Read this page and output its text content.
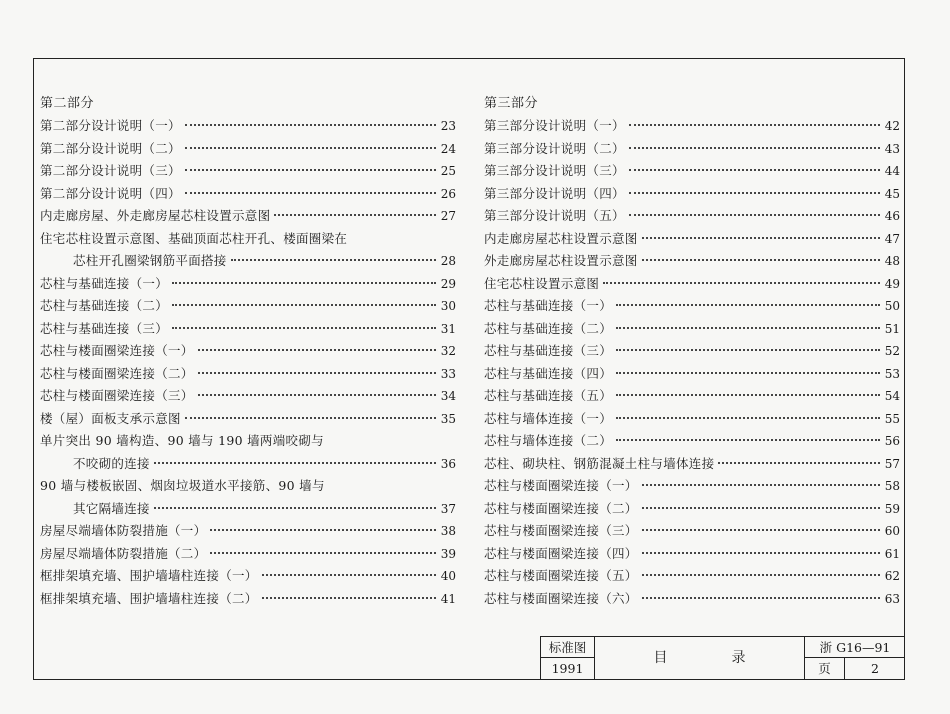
第二部分
第二部分设计说明（一）	23
第二部分设计说明（二）	24
第二部分设计说明（三）	25
第二部分设计说明（四）	26
内走廊房屋、外走廊房屋芯柱设置示意图	27
住宅芯柱设置示意图、基础顶面芯柱开孔、楼面圈梁在
芯柱开孔圈梁钢筋平面搭接	28
芯柱与基础连接（一）	29
芯柱与基础连接（二）	30
芯柱与基础连接（三）	31
芯柱与楼面圈梁连接（一）	32
芯柱与楼面圈梁连接（二）	33
芯柱与楼面圈梁连接（三）	34
楼（屋）面板支承示意图	35
单片突出 90 墙构造、90 墙与 190 墙两端咬砌与
不咬砌的连接	36
90 墙与楼板嵌固、烟囱垃圾道水平接筋、90 墙与
其它隔墙连接	37
房屋尽端墙体防裂措施（一）	38
房屋尽端墙体防裂措施（二）	39
框排架填充墙、围护墙墙柱连接（一）	40
框排架填充墙、围护墙墙柱连接（二）	41
第三部分
第三部分设计说明（一）	42
第三部分设计说明（二）	43
第三部分设计说明（三）	44
第三部分设计说明（四）	45
第三部分设计说明（五）	46
内走廊房屋芯柱设置示意图	47
外走廊房屋芯柱设置示意图	48
住宅芯柱设置示意图	49
芯柱与基础连接（一）	50
芯柱与基础连接（二）	51
芯柱与基础连接（三）	52
芯柱与基础连接（四）	53
芯柱与基础连接（五）	54
芯柱与墙体连接（一）	55
芯柱与墙体连接（二）	56
芯柱、砌块柱、钢筋混凝土柱与墙体连接	57
芯柱与楼面圈梁连接（一）	58
芯柱与楼面圈梁连接（二）	59
芯柱与楼面圈梁连接（三）	60
芯柱与楼面圈梁连接（四）	61
芯柱与楼面圈梁连接（五）	62
芯柱与楼面圈梁连接（六）	63
标准图
1991
目	录
浙 G16—91
页	2
